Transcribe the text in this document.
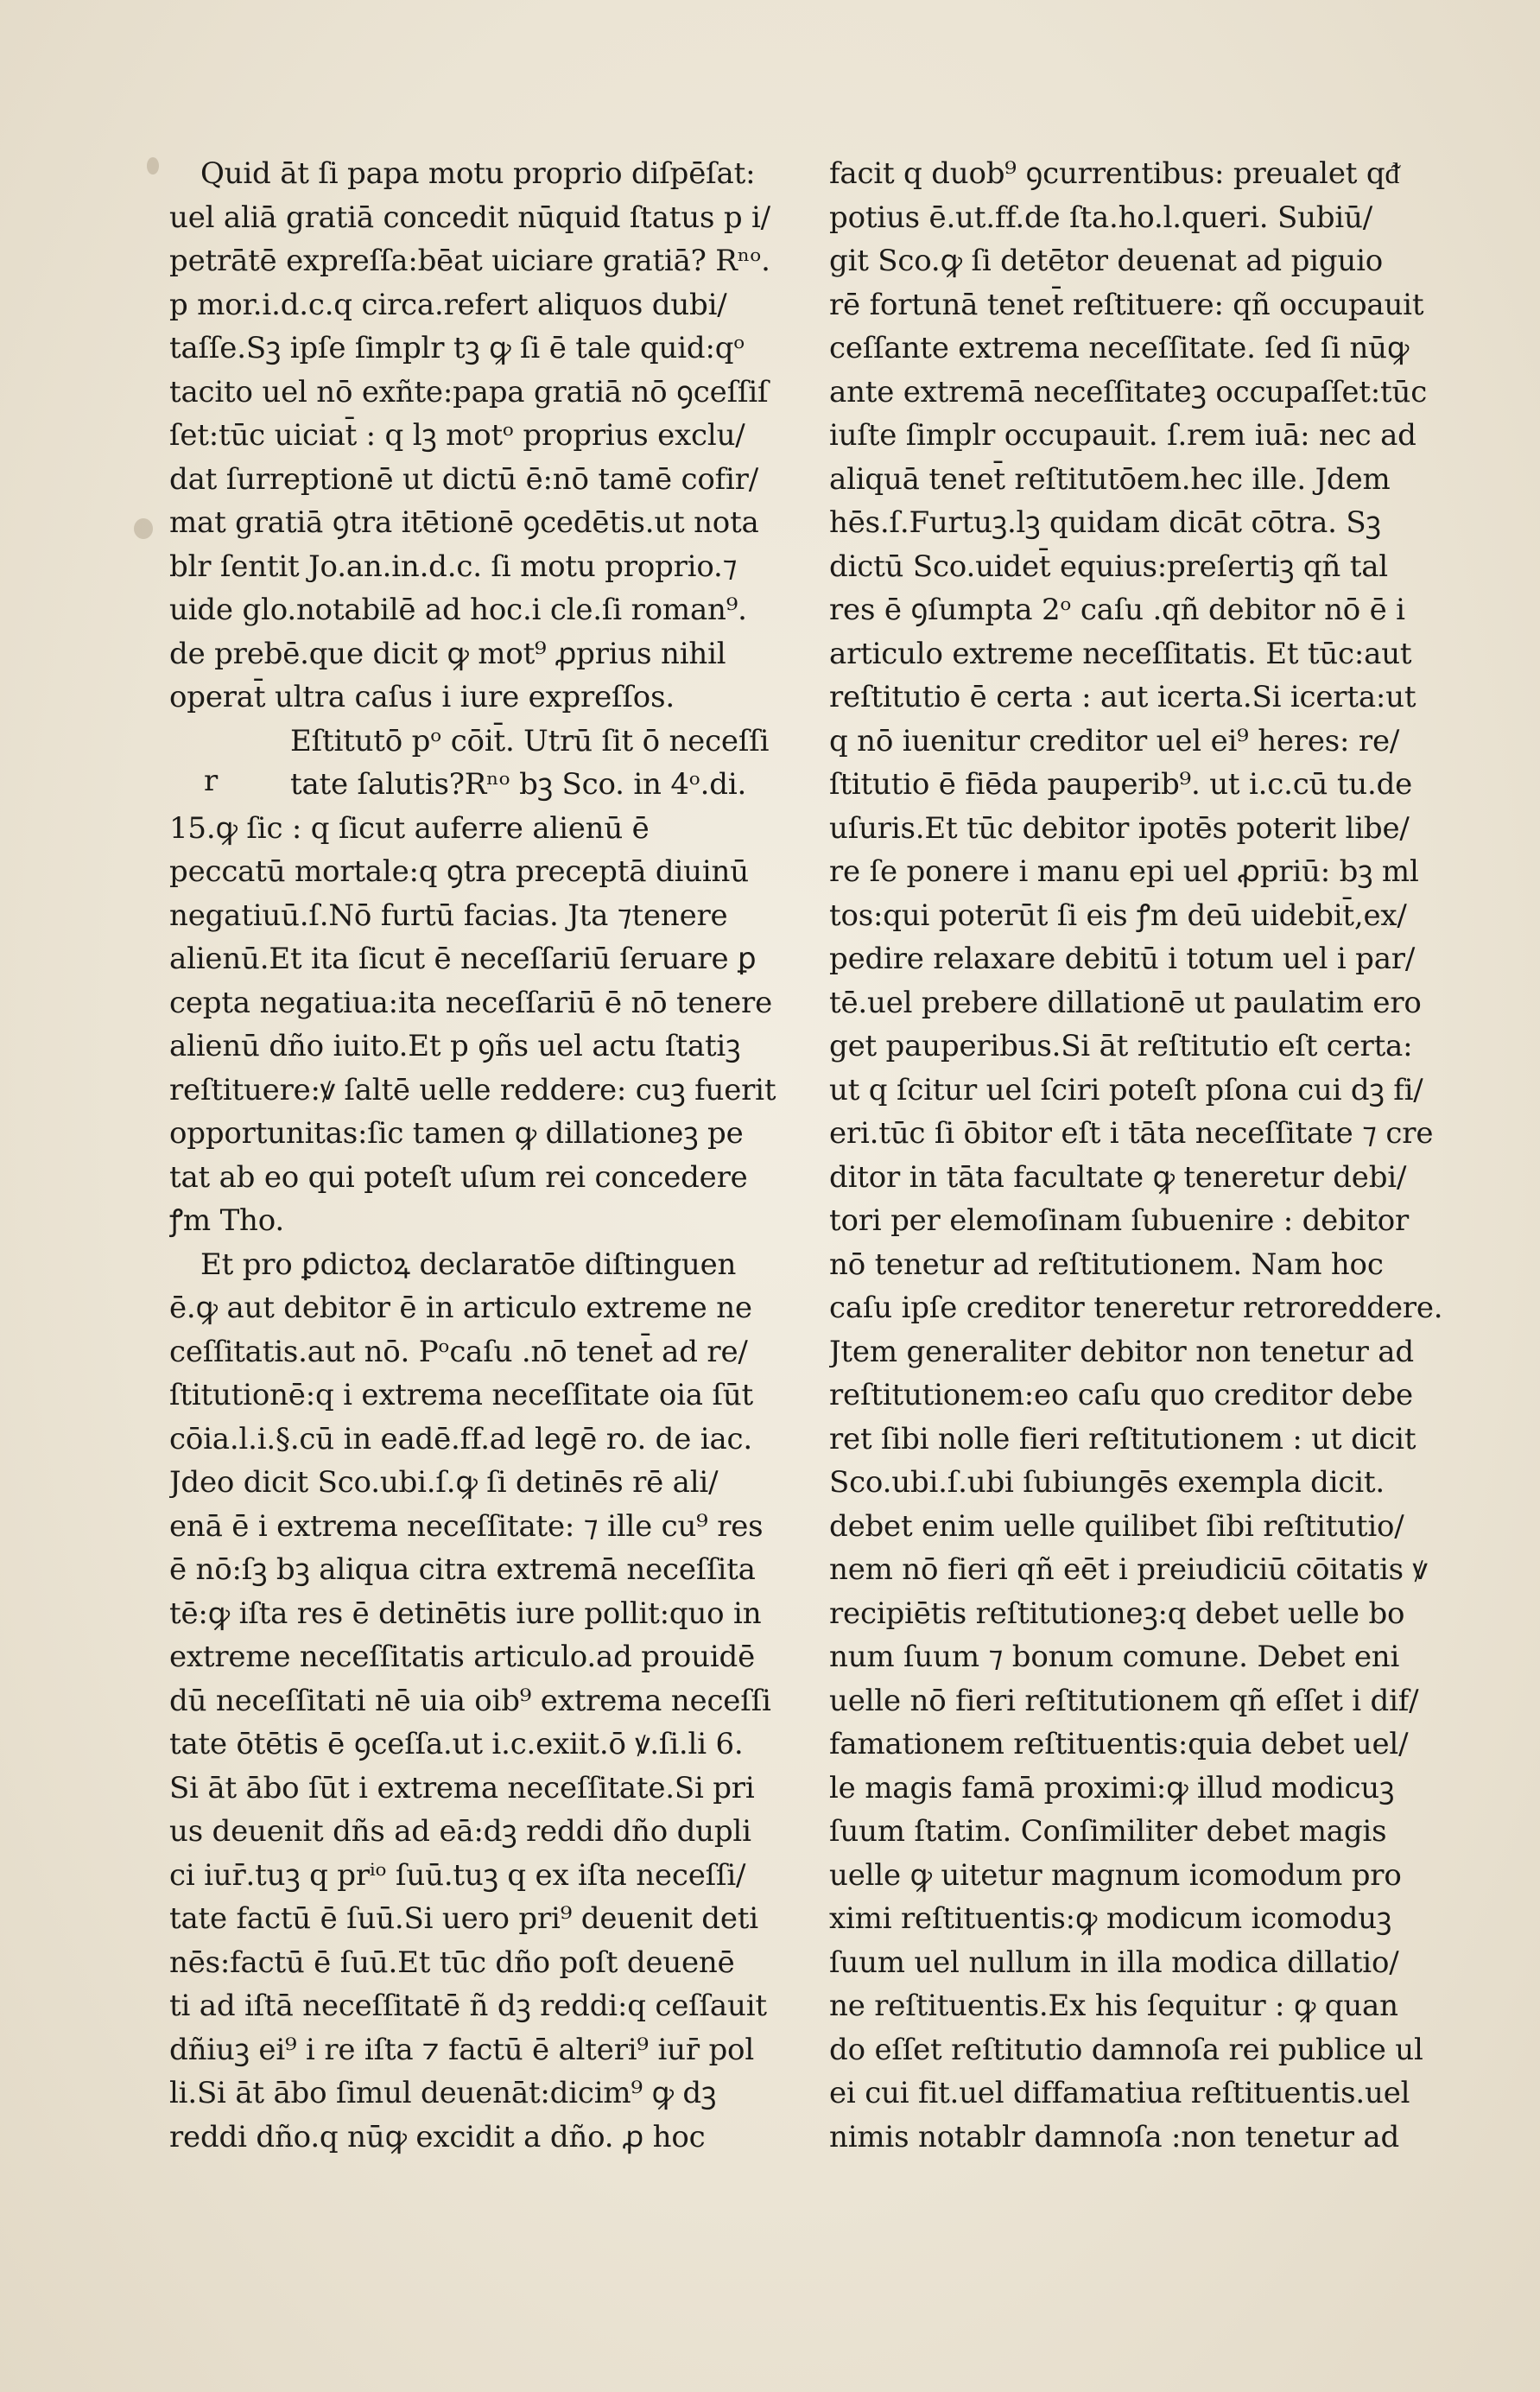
r
Quid āt ſi papa motu proprio diſpēſat:
uel aliā gratiā concedit nūquid ſtatus p i/
petrātē expreſſa:bēat uiciare gratiā? Rⁿᵒ.
p mor.i.d.c.q circa.refert aliquos dubi/
taſſe.Sꝫ ipſe ſimplr tꝫ ꝙ ſi ē tale quid:qᵒ
tacito uel nō exñte:papa gratiā nō ꝯceſſiſ
ſet:tūc uiciat̄ : q lꝫ motᵒ proprius exclu/
dat ſurreptionē ut dictū ē:nō tamē cofir/
mat gratiā ꝯtra itētionē ꝯcedētis.ut nota
blr ſentit Jo.an.in.d.c. ſi motu proprio.⁊
uide glo.notabilē ad hoc.i cle.ſi roman⁹.
de prebē.que dicit ꝙ mot⁹ ꝓprius nihil
operat̄ ultra caſus i iure expreſſos.
Eſtitutō pᵒ cōit̄. Utrū ſit ō neceſſi
tate ſalutis?Rⁿᵒ bꝫ Sco. in 4ᵒ.di.
15.ꝙ ſic : q ſicut auferre alienū ē
peccatū mortale:q ꝯtra preceptā diuinū
negatiuū.ſ.Nō furtū facias. Jta ⁊tenere
alienū.Et ita ſicut ē neceſſariū ſeruare ꝑ
cepta negatiua:ita neceſſariū ē nō tenere
alienū dño iuito.Et p ꝯñs uel actu ſtatiꝫ
reſtituere:ꝟ ſaltē uelle reddere: cuꝫ fuerit
opportunitas:ſic tamen ꝙ dillationeꝫ pe
tat ab eo qui poteſt uſum rei concedere
ꝭm Tho.
Et pro ꝑdictoꝝ declaratōe diſtinguen
ē.ꝙ aut debitor ē in articulo extreme ne
ceſſitatis.aut nō. Pᵒcaſu .nō tenet̄ ad re/
ſtitutionē:q i extrema neceſſitate oia ſūt
cōia.l.i.§.cū in eadē.ff.ad legē ro. de iac.
Jdeo dicit Sco.ubi.ſ.ꝙ ſi detinēs rē ali/
enā ē i extrema neceſſitate: ⁊ ille cu⁹ res
ē nō:ſꝫ bꝫ aliqua citra extremā neceſſita
tē:ꝙ iſta res ē detinētis iure pollit:quo in
extreme neceſſitatis articulo.ad prouidē
dū neceſſitati nē uia oib⁹ extrema neceſſi
tate ōtētis ē ꝯceſſa.ut i.c.exiit.ō ꝟ.ſi.li 6.
Si āt ābo ſūt i extrema neceſſitate.Si pri
us deuenit dñs ad eā:dꝫ reddi dño dupli
ci iur̄.tuꝫ q prⁱᵒ ſuū.tuꝫ q ex iſta neceſſi/
tate factū ē ſuū.Si uero pri⁹ deuenit deti
nēs:factū ē ſuū.Et tūc dño poſt deuenē
ti ad iſtā neceſſitatē ñ dꝫ reddi:q ceſſauit
dñiuꝫ ei⁹ i re iſta ⁊ factū ē alteri⁹ iur̄ pol
li.Si āt ābo ſimul deuenāt:dicim⁹ ꝙ dꝫ
reddi dño.q nūꝙ excidit a dño. ꝓ hoc
facit q duob⁹ ꝯcurrentibus: preualet qᵭ
potius ē.ut.ff.de ſta.ho.l.queri. Subiū/
git Sco.ꝙ ſi detētor deuenat ad piguio
rē fortunā tenet̄ reſtituere: qñ occupauit
ceſſante extrema neceſſitate. ſed ſi nūꝙ
ante extremā neceſſitateꝫ occupaſſet:tūc
iuſte ſimplr occupauit. ſ.rem iuā: nec ad
aliquā tenet̄ reſtitutōem.hec ille. Jdem
hēs.ſ.Furtuꝫ.lꝫ quidam dicāt cōtra. Sꝫ
dictū Sco.uidet̄ equius:preſertiꝫ qñ tal
res ē ꝯſumpta 2ᵒ caſu .qñ debitor nō ē i
articulo extreme neceſſitatis. Et tūc:aut
reſtitutio ē certa : aut icerta.Si icerta:ut
q nō iuenitur creditor uel ei⁹ heres: re/
ſtitutio ē fiēda pauperib⁹. ut i.c.cū tu.de
uſuris.Et tūc debitor ipotēs poterit libe/
re ſe ponere i manu epi uel ꝓpriū: bꝫ ml
tos:qui poterūt ſi eis ꝭm deū uidebit̄,ex/
pedire relaxare debitū i totum uel i par/
tē.uel prebere dillationē ut paulatim ero
get pauperibus.Si āt reſtitutio eſt certa:
ut q ſcitur uel ſciri poteſt pſona cui dꝫ fi/
eri.tūc ſi ōbitor eſt i tāta neceſſitate ⁊ cre
ditor in tāta facultate ꝙ teneretur debi/
tori per elemoſinam ſubuenire : debitor
nō tenetur ad reſtitutionem. Nam hoc
caſu ipſe creditor teneretur retroreddere.
Jtem generaliter debitor non tenetur ad
reſtitutionem:eo caſu quo creditor debe
ret ſibi nolle fieri reſtitutionem : ut dicit
Sco.ubi.ſ.ubi ſubiungēs exempla dicit.
debet enim uelle quilibet ſibi reſtitutio/
nem nō fieri qñ eēt i preiudiciū cōitatis ꝟ
recipiētis reſtitutioneꝫ:q debet uelle bo
num ſuum ⁊ bonum comune. Debet eni
uelle nō fieri reſtitutionem qñ eſſet i dif/
famationem reſtituentis:quia debet uel/
le magis famā proximi:ꝙ illud modicuꝫ
ſuum ſtatim. Conſimiliter debet magis
uelle ꝙ uitetur magnum icomodum pro
ximi reſtituentis:ꝙ modicum icomoduꝫ
ſuum uel nullum in illa modica dillatio/
ne reſtituentis.Ex his ſequitur : ꝙ quan
do eſſet reſtitutio damnoſa rei publice ul
ei cui fit.uel diffamatiua reſtituentis.uel
nimis notablr damnoſa :non tenetur ad
